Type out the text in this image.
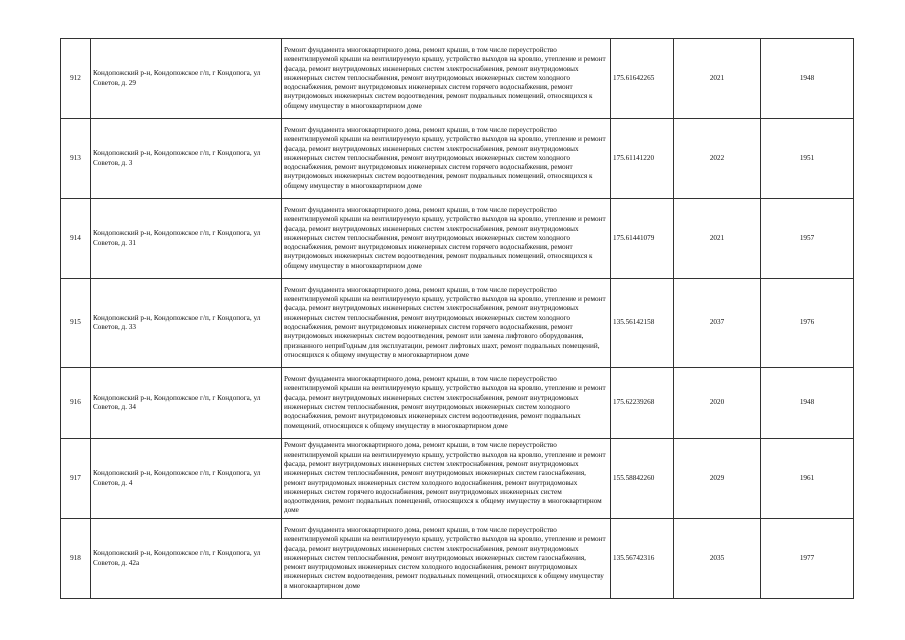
912	Кондопожский р-н, Кондопожское г/п, г Кондопога, ул Советов, д. 29	Ремонт фундамента многоквартирного дома, ремонт крыши, в том числе переустройство невентилируемой крыши на вентилируемую крышу, устройство выходов на кровлю, утепление и ремонт фасада, ремонт внутридомовых инженерных систем электроснабжения, ремонт внутридомовых инженерных систем теплоснабжения, ремонт внутридомовых инженерных систем холодного водоснабжения, ремонт внутридомовых инженерных систем горячего водоснабжения, ремонт внутридомовых инженерных систем водоотведения, ремонт подвальных помещений, относящихся к общему имуществу в многоквартирном доме	175.61642265	2021	1948
913	Кондопожский р-н, Кондопожское г/п, г Кондопога, ул Советов, д. 3	Ремонт фундамента многоквартирного дома, ремонт крыши, в том числе переустройство невентилируемой крыши на вентилируемую крышу, устройство выходов на кровлю, утепление и ремонт фасада, ремонт внутридомовых инженерных систем электроснабжения, ремонт внутридомовых инженерных систем теплоснабжения, ремонт внутридомовых инженерных систем холодного водоснабжения, ремонт внутридомовых инженерных систем горячего водоснабжения, ремонт внутридомовых инженерных систем водоотведения, ремонт подвальных помещений, относящихся к общему имуществу в многоквартирном доме	175.61141220	2022	1951
914	Кондопожский р-н, Кондопожское г/п, г Кондопога, ул Советов, д. 31	Ремонт фундамента многоквартирного дома, ремонт крыши, в том числе переустройство невентилируемой крыши на вентилируемую крышу, устройство выходов на кровлю, утепление и ремонт фасада, ремонт внутридомовых инженерных систем электроснабжения, ремонт внутридомовых инженерных систем теплоснабжения, ремонт внутридомовых инженерных систем холодного водоснабжения, ремонт внутридомовых инженерных систем горячего водоснабжения, ремонт внутридомовых инженерных систем водоотведения, ремонт подвальных помещений, относящихся к общему имуществу в многоквартирном доме	175.61441079	2021	1957
915	Кондопожский р-н, Кондопожское г/п, г Кондопога, ул Советов, д. 33	Ремонт фундамента многоквартирного дома, ремонт крыши, в том числе переустройство невентилируемой крыши на вентилируемую крышу, устройство выходов на кровлю, утепление и ремонт фасада, ремонт внутридомовых инженерных систем электроснабжения, ремонт внутридомовых инженерных систем теплоснабжения, ремонт внутридомовых инженерных систем холодного водоснабжения, ремонт внутридомовых инженерных систем горячего водоснабжения, ремонт внутридомовых инженерных систем водоотведения, ремонт или замена лифтового оборудования, признанного неприГодным для эксплуатации, ремонт лифтовых шахт, ремонт подвальных помещений, относящихся к общему имуществу в многоквартирном доме	135.56142158	2037	1976
916	Кондопожский р-н, Кондопожское г/п, г Кондопога, ул Советов, д. 34	Ремонт фундамента многоквартирного дома, ремонт крыши, в том числе переустройство невентилируемой крыши на вентилируемую крышу, устройство выходов на кровлю, утепление и ремонт фасада, ремонт внутридомовых инженерных систем электроснабжения, ремонт внутридомовых инженерных систем теплоснабжения, ремонт внутридомовых инженерных систем холодного водоснабжения, ремонт внутридомовых инженерных систем водоотведения, ремонт подвальных помещений, относящихся к общему имуществу в многоквартирном доме	175.62239268	2020	1948
917	Кондопожский р-н, Кондопожское г/п, г Кондопога, ул Советов, д. 4	Ремонт фундамента многоквартирного дома, ремонт крыши, в том числе переустройство невентилируемой крыши на вентилируемую крышу, устройство выходов на кровлю, утепление и ремонт фасада, ремонт внутридомовых инженерных систем электроснабжения, ремонт внутридомовых инженерных систем теплоснабжения, ремонт внутридомовых инженерных систем газоснабжения, ремонт внутридомовых инженерных систем холодного водоснабжения, ремонт внутридомовых инженерных систем горячего водоснабжения, ремонт внутридомовых инженерных систем водоотведения, ремонт подвальных помещений, относящихся к общему имуществу в многоквартирном доме	155.58842260	2029	1961
918	Кондопожский р-н, Кондопожское г/п, г Кондопога, ул Советов, д. 42а	Ремонт фундамента многоквартирного дома, ремонт крыши, в том числе переустройство невентилируемой крыши на вентилируемую крышу, устройство выходов на кровлю, утепление и ремонт фасада, ремонт внутридомовых инженерных систем электроснабжения, ремонт внутридомовых инженерных систем теплоснабжения, ремонт внутридомовых инженерных систем газоснабжения, ремонт внутридомовых инженерных систем холодного водоснабжения, ремонт внутридомовых инженерных систем водоотведения, ремонт подвальных помещений, относящихся к общему имуществу в многоквартирном доме	135.56742316	2035	1977
